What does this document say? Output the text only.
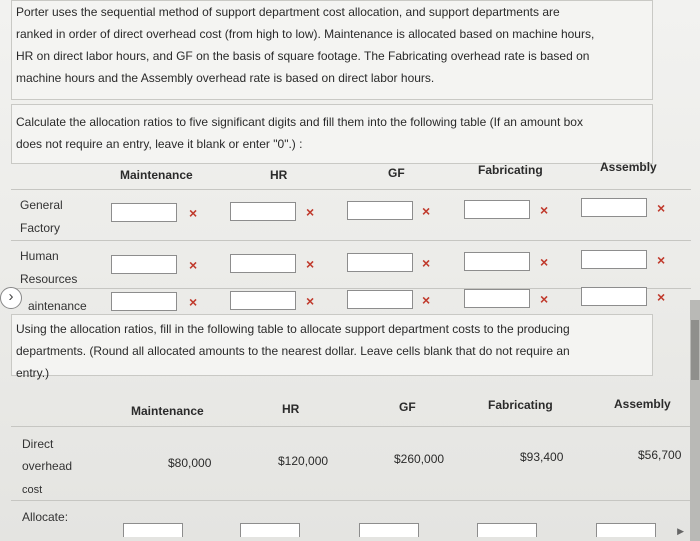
Porter uses the sequential method of support department cost allocation, and support departments are
ranked in order of direct overhead cost (from high to low). Maintenance is allocated based on machine hours,
HR on direct labor hours, and GF on the basis of square footage. The Fabricating overhead rate is based on
machine hours and the Assembly overhead rate is based on direct labor hours.
Calculate the allocation ratios to five significant digits and fill them into the following table (If an amount box
does not require an entry, leave it blank or enter "0".) :
Maintenance	HR	GF	Fabricating	Assembly
General
Factory
×	×	×	×	×
Human
Resources
×	×	×	×	×
›
aintenance	×	×	×	×	×
Using the allocation ratios, fill in the following table to allocate support department costs to the producing
departments. (Round all allocated amounts to the nearest dollar. Leave cells blank that do not require an
entry.)
Maintenance	HR	GF	Fabricating	Assembly
Direct
overhead
cost
$80,000	$120,000	$260,000	$93,400	$56,700
Allocate:
▶
